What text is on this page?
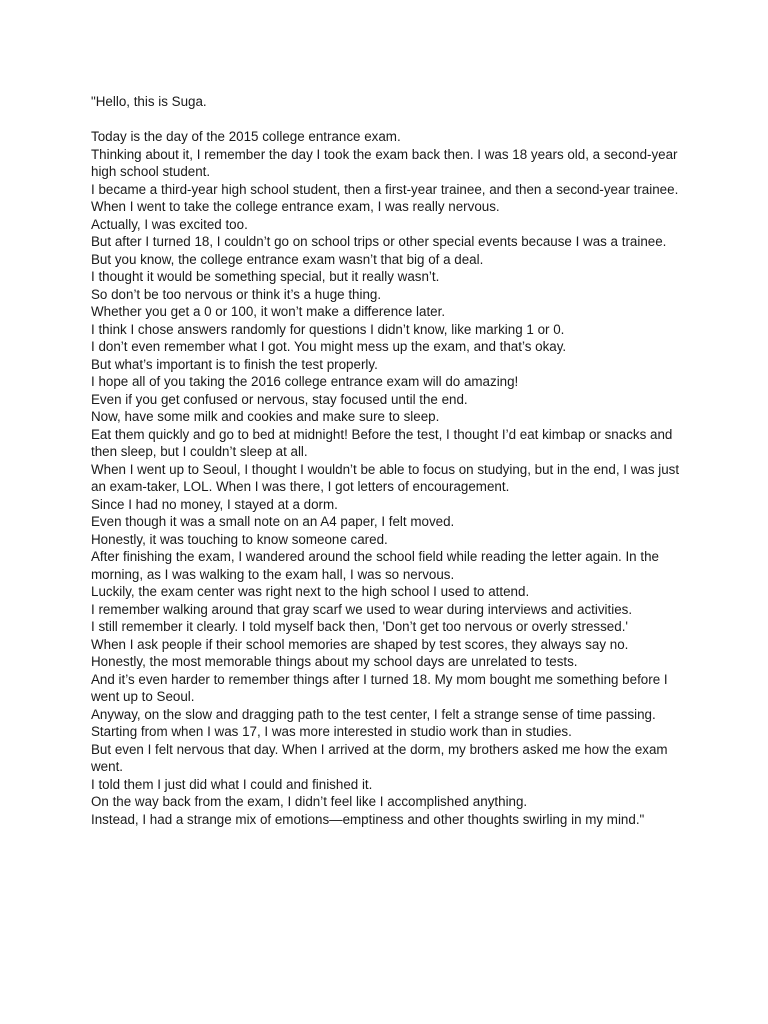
"Hello, this is Suga.

Today is the day of the 2015 college entrance exam.

Thinking about it, I remember the day I took the exam back then. I was 18 years old, a second-year high school student.

I became a third-year high school student, then a first-year trainee, and then a second-year trainee.

When I went to take the college entrance exam, I was really nervous.

Actually, I was excited too.

But after I turned 18, I couldn’t go on school trips or other special events because I was a trainee. But you know, the college entrance exam wasn’t that big of a deal.

I thought it would be something special, but it really wasn’t.

So don’t be too nervous or think it’s a huge thing.

Whether you get a 0 or 100, it won’t make a difference later.

I think I chose answers randomly for questions I didn’t know, like marking 1 or 0.

I don’t even remember what I got. You might mess up the exam, and that’s okay.

But what’s important is to finish the test properly.

I hope all of you taking the 2016 college entrance exam will do amazing!

Even if you get confused or nervous, stay focused until the end.

Now, have some milk and cookies and make sure to sleep.

Eat them quickly and go to bed at midnight! Before the test, I thought I’d eat kimbap or snacks and then sleep, but I couldn’t sleep at all.

When I went up to Seoul, I thought I wouldn’t be able to focus on studying, but in the end, I was just an exam-taker, LOL. When I was there, I got letters of encouragement.

Since I had no money, I stayed at a dorm.

Even though it was a small note on an A4 paper, I felt moved.

Honestly, it was touching to know someone cared.

After finishing the exam, I wandered around the school field while reading the letter again. In the morning, as I was walking to the exam hall, I was so nervous.

Luckily, the exam center was right next to the high school I used to attend.

I remember walking around that gray scarf we used to wear during interviews and activities.

I still remember it clearly. I told myself back then, 'Don’t get too nervous or overly stressed.'

When I ask people if their school memories are shaped by test scores, they always say no.

Honestly, the most memorable things about my school days are unrelated to tests.

And it’s even harder to remember things after I turned 18. My mom bought me something before I went up to Seoul.

Anyway, on the slow and dragging path to the test center, I felt a strange sense of time passing.

Starting from when I was 17, I was more interested in studio work than in studies.

But even I felt nervous that day. When I arrived at the dorm, my brothers asked me how the exam went.

I told them I just did what I could and finished it.

On the way back from the exam, I didn’t feel like I accomplished anything.

Instead, I had a strange mix of emotions—emptiness and other thoughts swirling in my mind."
